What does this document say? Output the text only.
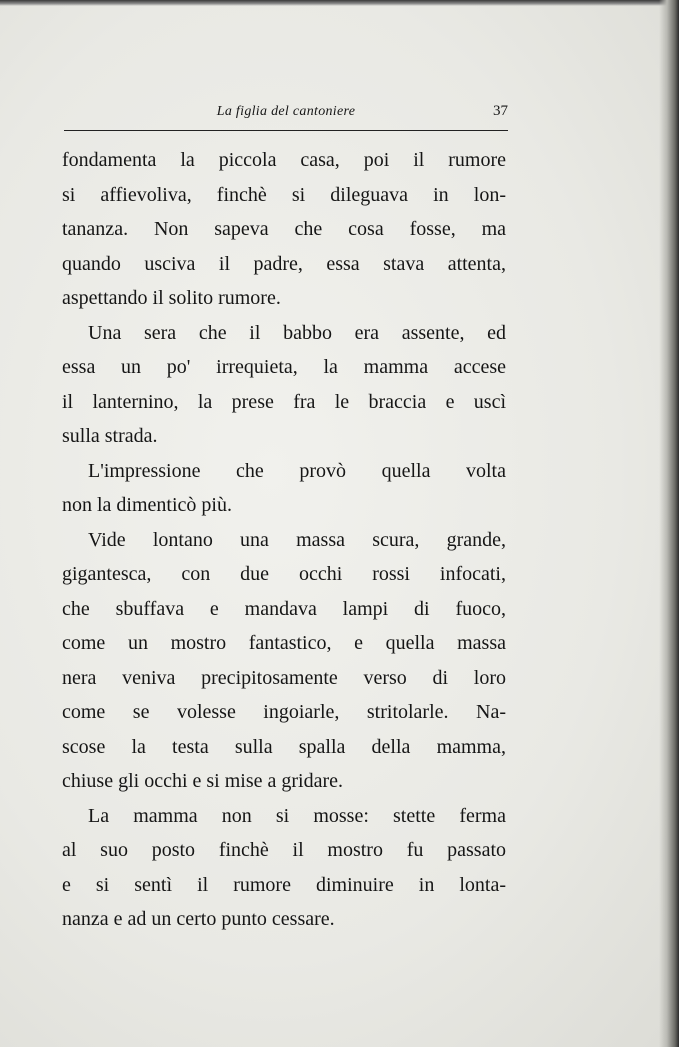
La figlia del cantoniere	37
fondamenta la piccola casa, poi il rumore
si affievoliva, finchè si dileguava in lon-
tananza. Non sapeva che cosa fosse, ma
quando usciva il padre, essa stava attenta,
aspettando il solito rumore.
Una sera che il babbo era assente, ed
essa un po' irrequieta, la mamma accese
il lanternino, la prese fra le braccia e uscì
sulla strada.
L'impressione che provò quella volta
non la dimenticò più.
Vide lontano una massa scura, grande,
gigantesca, con due occhi rossi infocati,
che sbuffava e mandava lampi di fuoco,
come un mostro fantastico, e quella massa
nera veniva precipitosamente verso di loro
come se volesse ingoiarle, stritolarle. Na-
scose la testa sulla spalla della mamma,
chiuse gli occhi e si mise a gridare.
La mamma non si mosse: stette ferma
al suo posto finchè il mostro fu passato
e si sentì il rumore diminuire in lonta-
nanza e ad un certo punto cessare.
